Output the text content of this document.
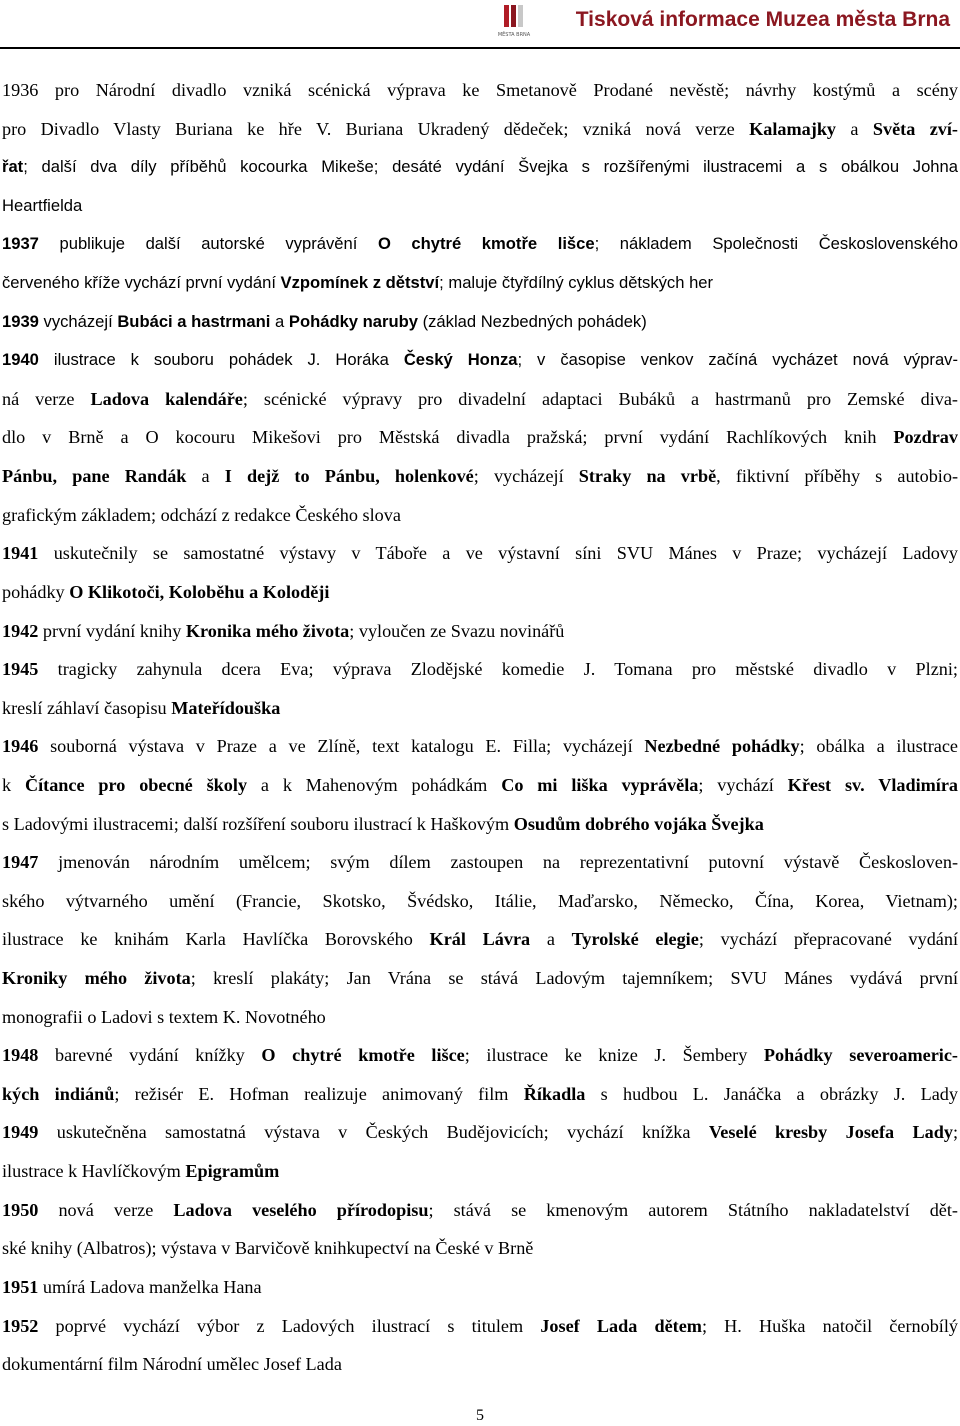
MĚSTA BRNA
Tisková informace Muzea města Brna
1936 pro Národní divadlo vzniká scénická výprava ke Smetanově Prodané nevěstě; návrhy kostýmů a scény
pro Divadlo Vlasty Buriana ke hře V. Buriana Ukradený dědeček; vzniká nová verze Kalamajky a Světa zví-
řat; další dva díly příběhů kocourka Mikeše; desáté vydání Švejka s rozšířenými ilustracemi a s obálkou Johna
Heartfielda
1937 publikuje další autorské vyprávění O chytré kmotře lišce; nákladem Společnosti Československého
červeného kříže vychází první vydání Vzpomínek z dětství; maluje čtyřdílný cyklus dětských her
1939 vycházejí Bubáci a hastrmani a Pohádky naruby (základ Nezbedných pohádek)
1940 ilustrace k souboru pohádek J. Horáka Český Honza; v časopise venkov začíná vycházet nová výprav-
ná verze Ladova kalendáře; scénické výpravy pro divadelní adaptaci Bubáků a hastrmanů pro Zemské diva-
dlo v Brně a O kocouru Mikešovi pro Městská divadla pražská; první vydání Rachlíkových knih Pozdrav
Pánbu, pane Randák a I dejž to Pánbu, holenkové; vycházejí Straky na vrbě, fiktivní příběhy s autobio-
grafickým základem; odchází z redakce Českého slova
1941 uskutečnily se samostatné výstavy v Táboře a ve výstavní síni SVU Mánes v Praze; vycházejí Ladovy
pohádky O Klikotoči, Koloběhu a Koloději
1942 první vydání knihy Kronika mého života; vyloučen ze Svazu novinářů
1945 tragicky zahynula dcera Eva; výprava Zlodějské komedie J. Tomana pro městské divadlo v Plzni;
kreslí záhlaví časopisu Mateřídouška
1946 souborná výstava v Praze a ve Zlíně, text katalogu E. Filla; vycházejí Nezbedné pohádky; obálka a ilustrace
k Čítance pro obecné školy a k Mahenovým pohádkám Co mi liška vyprávěla; vychází Křest sv. Vladimíra
s Ladovými ilustracemi; další rozšíření souboru ilustrací k Haškovým Osudům dobrého vojáka Švejka
1947 jmenován národním umělcem; svým dílem zastoupen na reprezentativní putovní výstavě Českosloven-
ského výtvarného umění (Francie, Skotsko, Švédsko, Itálie, Maďarsko, Německo, Čína, Korea, Vietnam);
ilustrace ke knihám Karla Havlíčka Borovského Král Lávra a Tyrolské elegie; vychází přepracované vydání
Kroniky mého života; kreslí plakáty; Jan Vrána se stává Ladovým tajemníkem; SVU Mánes vydává první
monografii o Ladovi s textem K. Novotného
1948 barevné vydání knížky O chytré kmotře lišce; ilustrace ke knize J. Šembery Pohádky severoameric-
kých indiánů; režisér E. Hofman realizuje animovaný film Říkadla s hudbou L. Janáčka a obrázky J. Lady
1949 uskutečněna samostatná výstava v Českých Budějovicích; vychází knížka Veselé kresby Josefa Lady;
ilustrace k Havlíčkovým Epigramům
1950 nová verze Ladova veselého přírodopisu; stává se kmenovým autorem Státního nakladatelství dět-
ské knihy (Albatros); výstava v Barvičově knihkupectví na České v Brně
1951 umírá Ladova manželka Hana
1952 poprvé vychází výbor z Ladových ilustrací s titulem Josef Lada dětem; H. Huška natočil černobílý
dokumentární film Národní umělec Josef Lada
5
